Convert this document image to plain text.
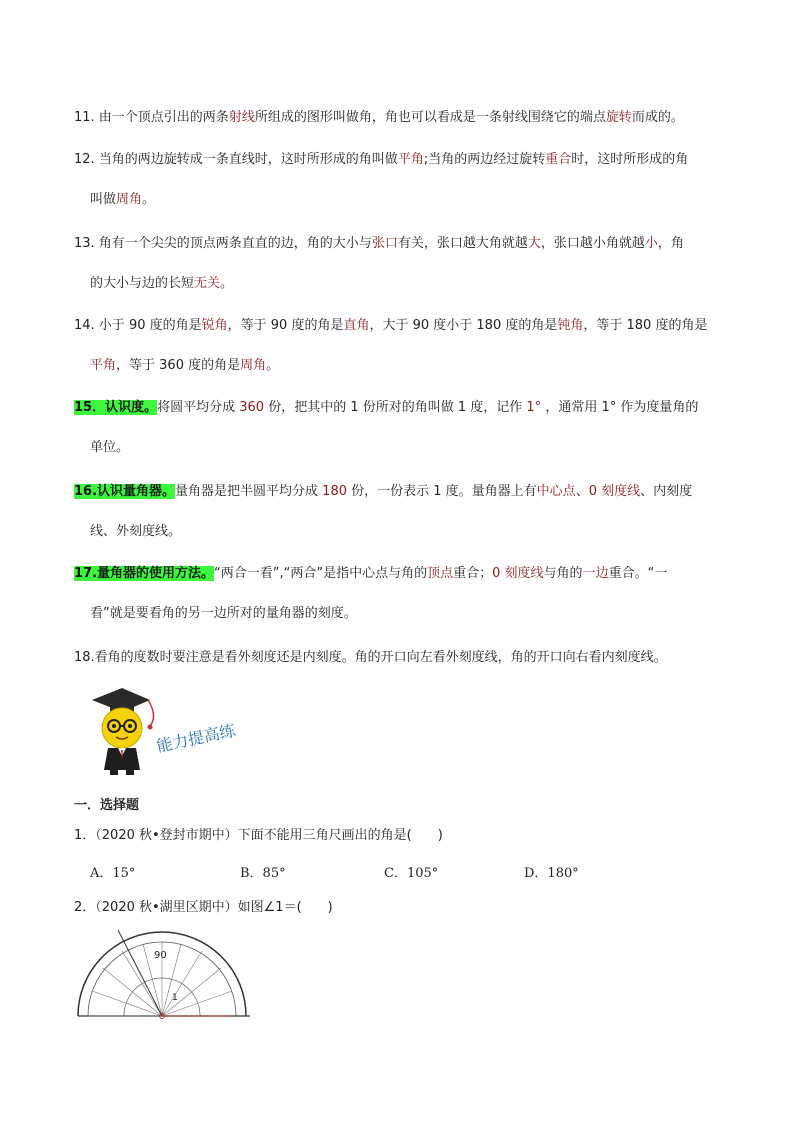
11. 由一个顶点引出的两条射线所组成的图形叫做角，角也可以看成是一条射线围绕它的端点旋转而成的。
12. 当角的两边旋转成一条直线时，这时所形成的角叫做平角;当角的两边经过旋转重合时，这时所形成的角
叫做周角。
13. 角有一个尖尖的顶点两条直直的边，角的大小与张口有关，张口越大角就越大，张口越小角就越小，角
的大小与边的长短无关。
14. 小于 90 度的角是锐角，等于 90 度的角是直角，大于 90 度小于 180 度的角是钝角，等于 180 度的角是
平角，等于 360 度的角是周角。
15．认识度。将圆平均分成 360 份，把其中的 1 份所对的角叫做 1 度，记作 1° ，通常用 1° 作为度量角的
单位。
16.认识量角器。量角器是把半圆平均分成 180 份，一份表示 1 度。量角器上有中心点、0 刻度线、内刻度
线、外刻度线。
17.量角器的使用方法。“两合一看”,“两合”是指中心点与角的顶点重合；0 刻度线与角的一边重合。“一
看”就是要看角的另一边所对的量角器的刻度。
18.看角的度数时要注意是看外刻度还是内刻度。角的开口向左看外刻度线，角的开口向右看内刻度线。
能力提高练
一．选择题
1．（2020 秋•登封市期中）下面不能用三角尺画出的角是(　　)
A．15°	B．85°	C．105°	D．180°
2．（2020 秋•湖里区期中）如图∠1＝(　　)
90
1
